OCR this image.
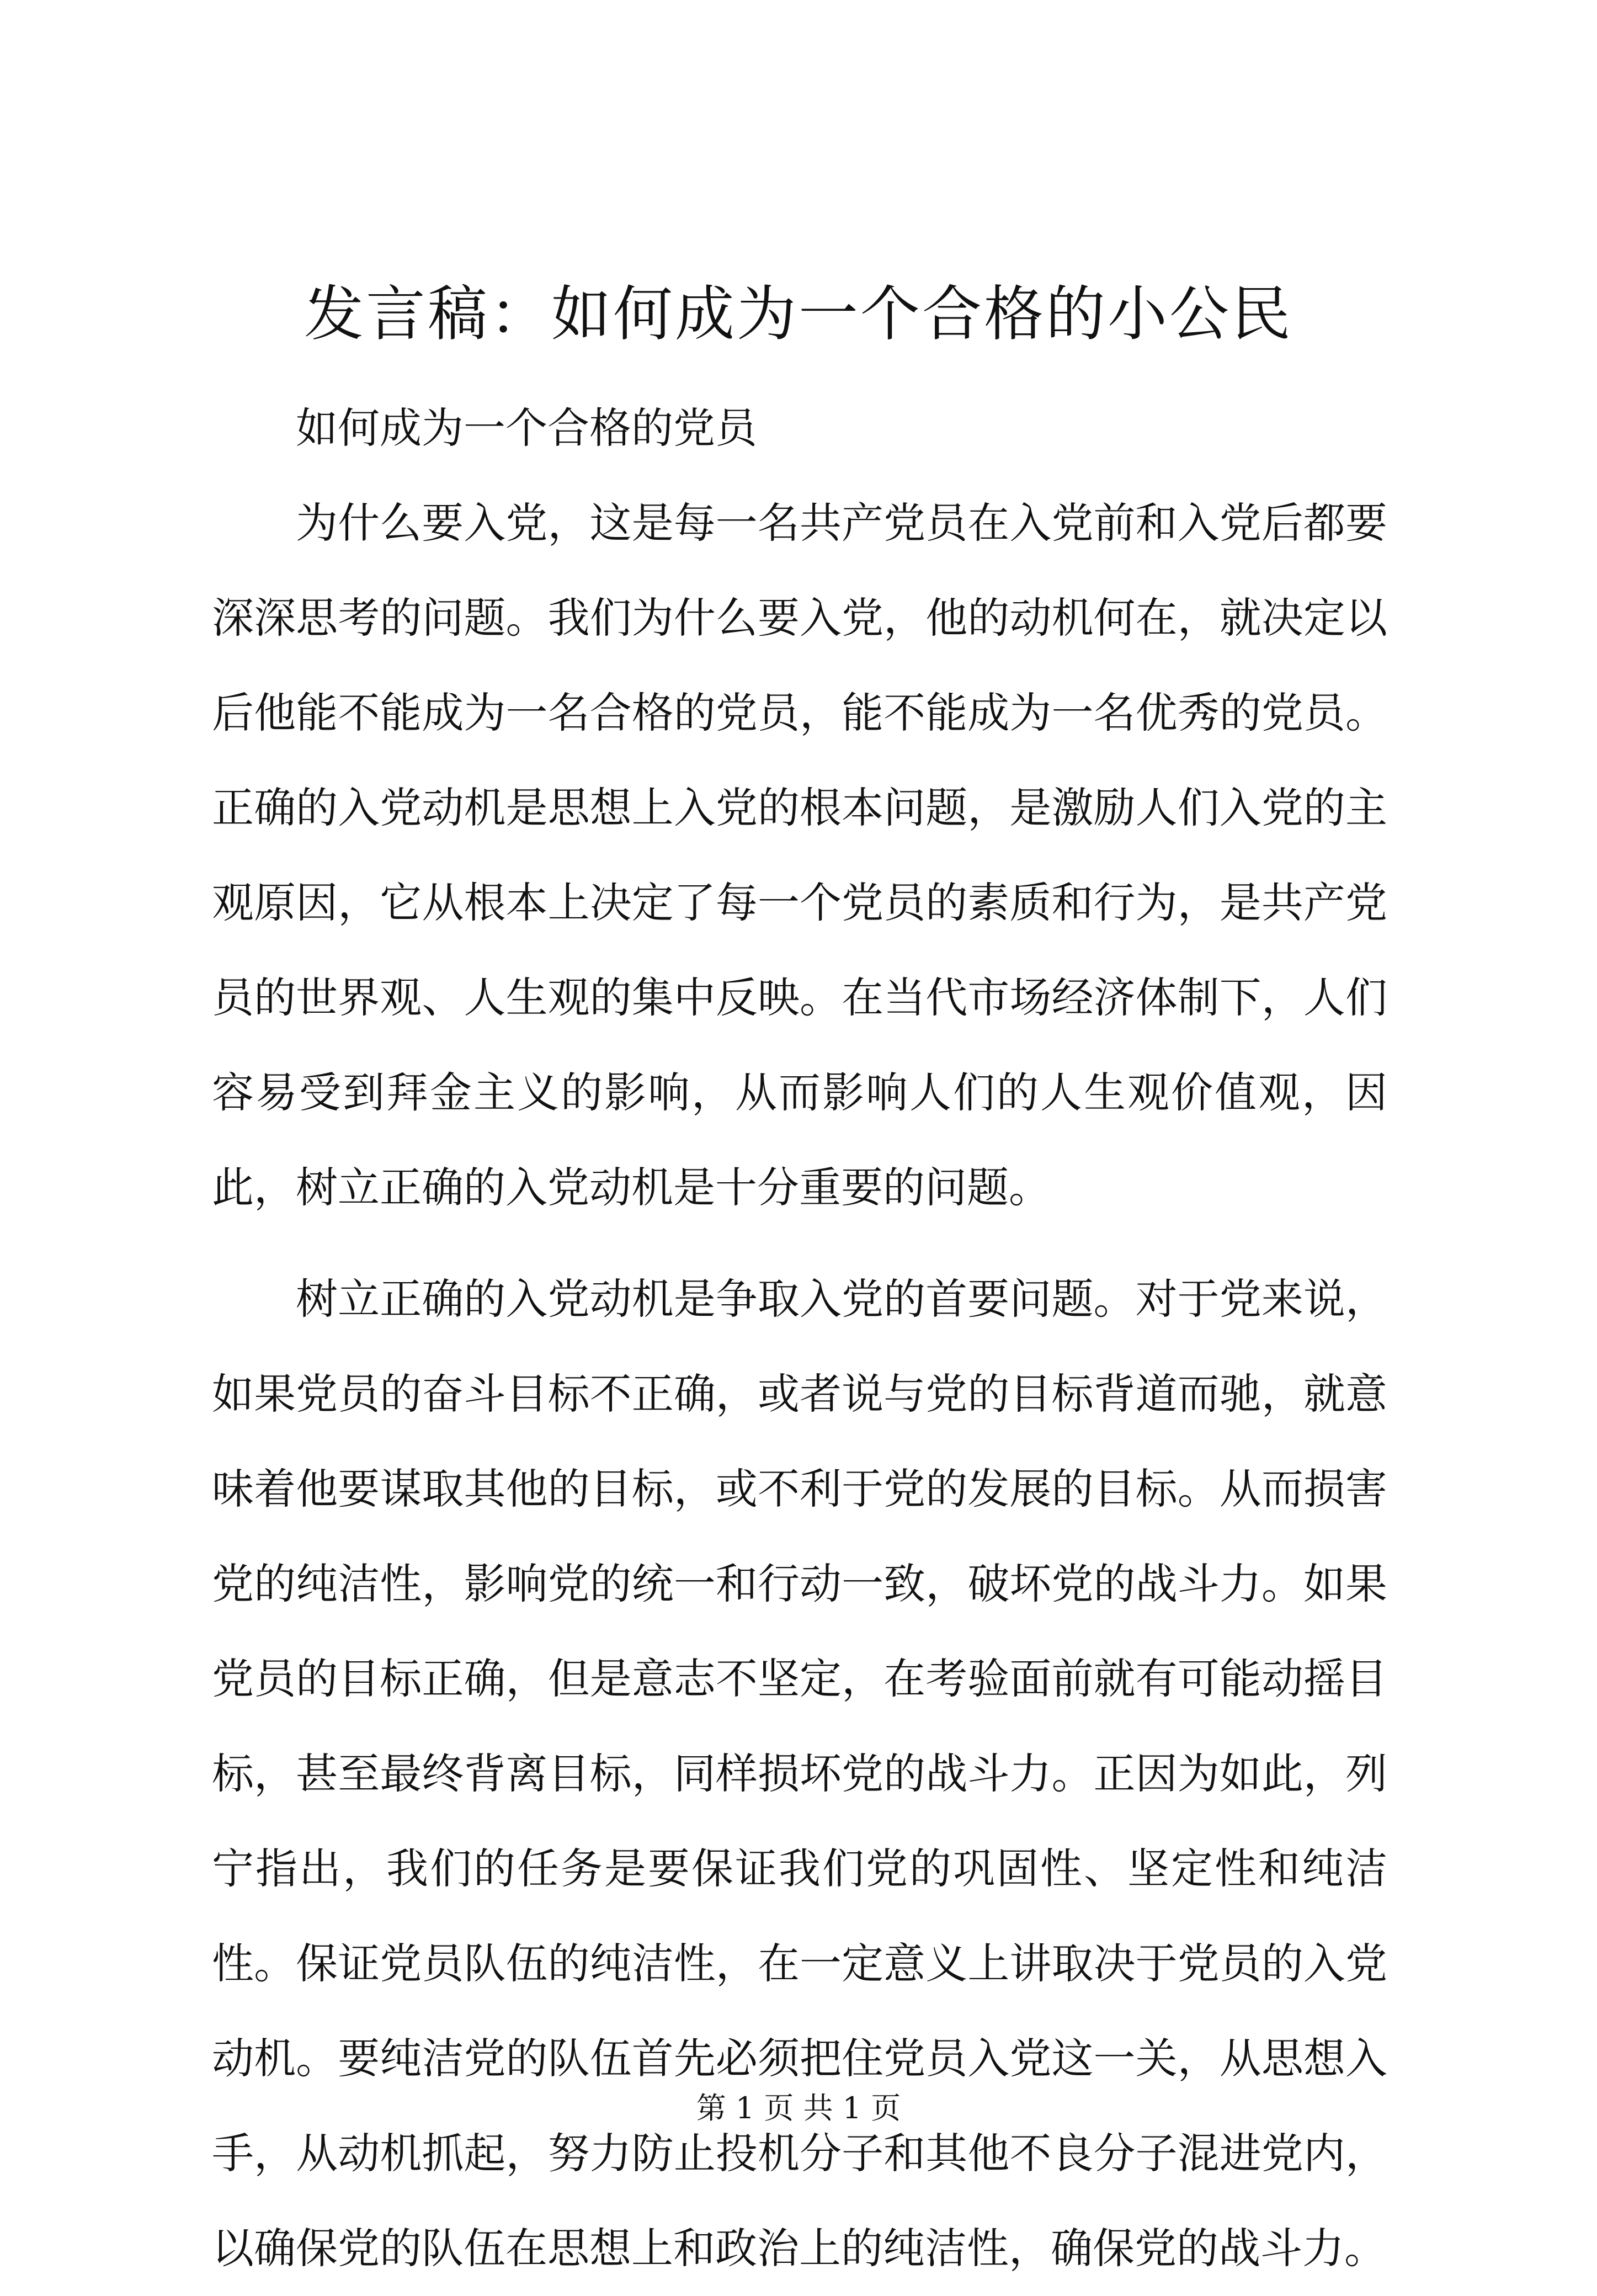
发言稿：如何成为一个合格的小公民

如何成为一个合格的党员

为什么要入党，这是每一名共产党员在入党前和入党后都要深深思考的问题。我们为什么要入党，他的动机何在，就决定以后他能不能成为一名合格的党员，能不能成为一名优秀的党员。正确的入党动机是思想上入党的根本问题，是激励人们入党的主观原因，它从根本上决定了每一个党员的素质和行为，是共产党员的世界观、人生观的集中反映。在当代市场经济体制下，人们容易受到拜金主义的影响，从而影响人们的人生观价值观，因此，树立正确的入党动机是十分重要的问题。

树立正确的入党动机是争取入党的首要问题。对于党来说，如果党员的奋斗目标不正确，或者说与党的目标背道而驰，就意味着他要谋取其他的目标，或不利于党的发展的目标。从而损害党的纯洁性，影响党的统一和行动一致，破坏党的战斗力。如果党员的目标正确，但是意志不坚定，在考验面前就有可能动摇目标，甚至最终背离目标，同样损坏党的战斗力。正因为如此，列宁指出，我们的任务是要保证我们党的巩固性、坚定性和纯洁性。保证党员队伍的纯洁性，在一定意义上讲取决于党员的入党动机。要纯洁党的队伍首先必须把住党员入党这一关，从思想入手，从动机抓起，努力防止投机分子和其他不良分子混进党内，以确保党的队伍在思想上和政治上的纯洁性，确保党的战斗力。

第 1 页 共 1 页
